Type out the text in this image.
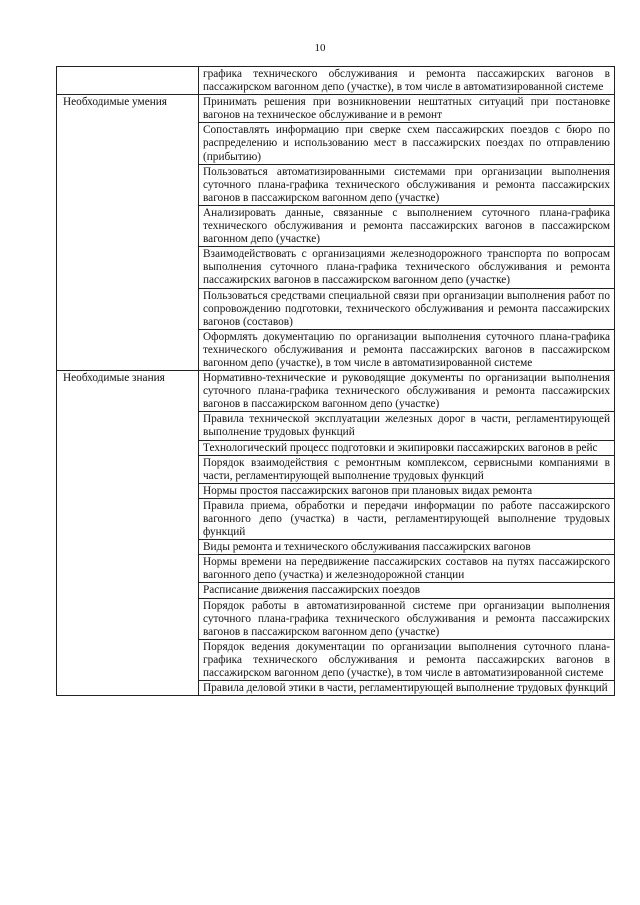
10
	графика технического обслуживания и ремонта пассажирских вагонов в пассажирском вагонном депо (участке), в том числе в автоматизированной системе
Необходимые умения	Принимать решения при возникновении нештатных ситуаций при постановке вагонов на техническое обслуживание и в ремонт
	Сопоставлять информацию при сверке схем пассажирских поездов с бюро по распределению и использованию мест в пассажирских поездах по отправлению (прибытию)
	Пользоваться автоматизированными системами при организации выполнения суточного плана-графика технического обслуживания и ремонта пассажирских вагонов в пассажирском вагонном депо (участке)
	Анализировать данные, связанные с выполнением суточного плана-графика технического обслуживания и ремонта пассажирских вагонов в пассажирском вагонном депо (участке)
	Взаимодействовать с организациями железнодорожного транспорта по вопросам выполнения суточного плана-графика технического обслуживания и ремонта пассажирских вагонов в пассажирском вагонном депо (участке)
	Пользоваться средствами специальной связи при организации выполнения работ по сопровождению подготовки, технического обслуживания и ремонта пассажирских вагонов (составов)
	Оформлять документацию по организации выполнения суточного плана-графика технического обслуживания и ремонта пассажирских вагонов в пассажирском вагонном депо (участке), в том числе в автоматизированной системе
Необходимые знания	Нормативно-технические и руководящие документы по организации выполнения суточного плана-графика технического обслуживания и ремонта пассажирских вагонов в пассажирском вагонном депо (участке)
	Правила технической эксплуатации железных дорог в части, регламентирующей выполнение трудовых функций
	Технологический процесс подготовки и экипировки пассажирских вагонов в рейс
	Порядок взаимодействия с ремонтным комплексом, сервисными компаниями в части, регламентирующей выполнение трудовых функций
	Нормы простоя пассажирских вагонов при плановых видах ремонта
	Правила приема, обработки и передачи информации по работе пассажирского вагонного депо (участка) в части, регламентирующей выполнение трудовых функций
	Виды ремонта и технического обслуживания пассажирских вагонов
	Нормы времени на передвижение пассажирских составов на путях пассажирского вагонного депо (участка) и железнодорожной станции
	Расписание движения пассажирских поездов
	Порядок работы в автоматизированной системе при организации выполнения суточного плана-графика технического обслуживания и ремонта пассажирских вагонов в пассажирском вагонном депо (участке)
	Порядок ведения документации по организации выполнения суточного плана-графика технического обслуживания и ремонта пассажирских вагонов в пассажирском вагонном депо (участке), в том числе в автоматизированной системе
	Правила деловой этики в части, регламентирующей выполнение трудовых функций
